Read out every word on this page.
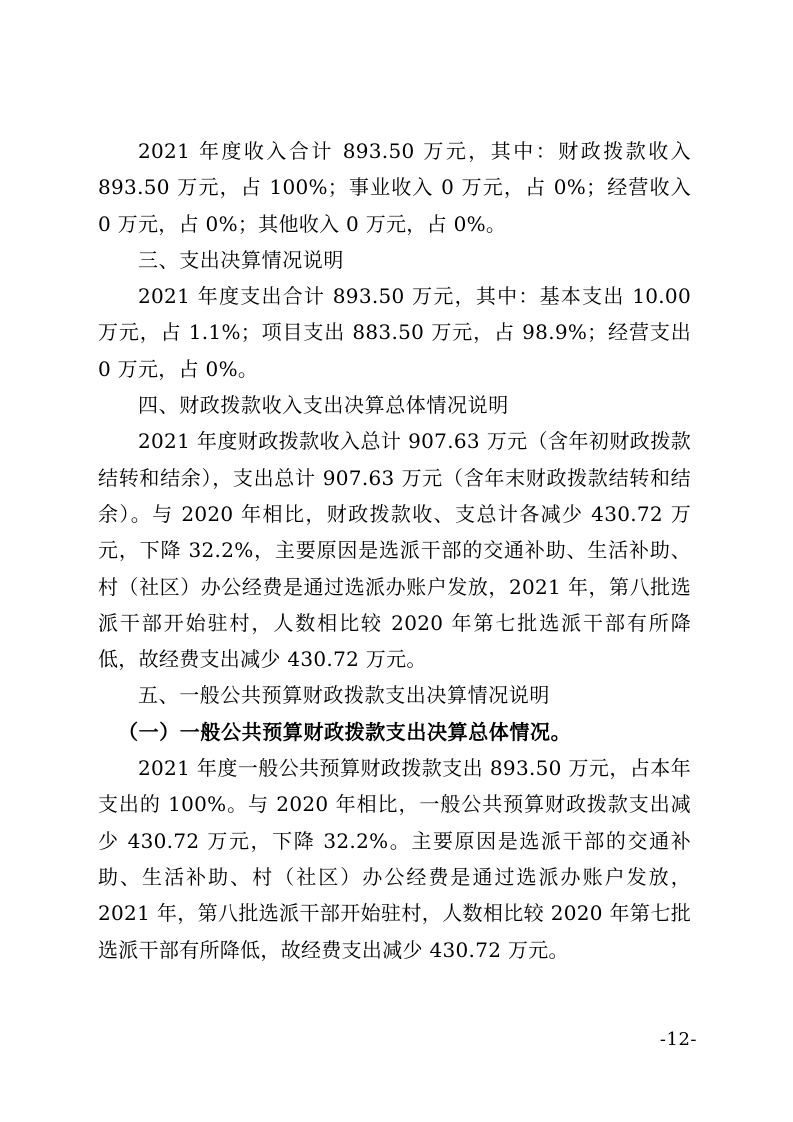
2021 年度收入合计 893.50 万元，其中：财政拨款收入 893.50 万元，占 100%；事业收入 0 万元，占 0%；经营收入 0 万元，占 0%；其他收入 0 万元，占 0%。

三、支出决算情况说明

2021 年度支出合计 893.50 万元，其中：基本支出 10.00 万元，占 1.1%；项目支出 883.50 万元，占 98.9%；经营支出 0 万元，占 0%。

四、财政拨款收入支出决算总体情况说明

2021 年度财政拨款收入总计 907.63 万元（含年初财政拨款结转和结余），支出总计 907.63 万元（含年末财政拨款结转和结余）。与 2020 年相比，财政拨款收、支总计各减少 430.72 万元，下降 32.2%，主要原因是选派干部的交通补助、生活补助、村（社区）办公经费是通过选派办账户发放，2021 年，第八批选派干部开始驻村，人数相比较 2020 年第七批选派干部有所降低，故经费支出减少 430.72 万元。

五、一般公共预算财政拨款支出决算情况说明
（一）一般公共预算财政拨款支出决算总体情况。

2021 年度一般公共预算财政拨款支出 893.50 万元，占本年支出的 100%。与 2020 年相比，一般公共预算财政拨款支出减少 430.72 万元，下降 32.2%。主要原因是选派干部的交通补助、生活补助、村（社区）办公经费是通过选派办账户发放，2021 年，第八批选派干部开始驻村，人数相比较 2020 年第七批选派干部有所降低，故经费支出减少 430.72 万元。

-12-
